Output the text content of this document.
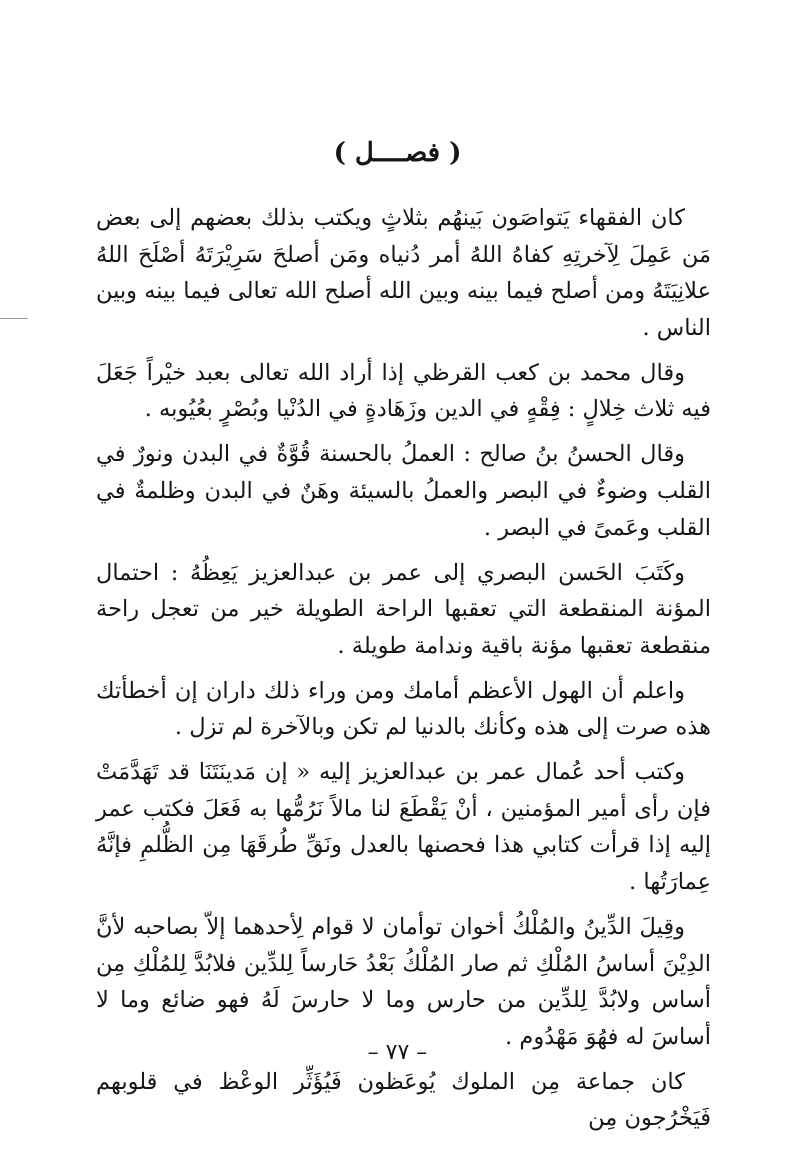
( فصــــل )

كان الفقهاء يَتواصَون بَينهُم بثلاثٍ ويكتب بذلك بعضهم إلى بعض مَن عَمِلَ لِآخرتِهِ كفاهُ اللهُ أمر دُنياه ومَن أصلحَ سَرِيْرَتَهُ أصْلَحَ اللهُ علانِيَتَهُ ومن أصلح فيما بينه وبين الله أصلح الله تعالى فيما بينه وبين الناس .

وقال محمد بن كعب القرظي إذا أراد الله تعالى بعبد خيْراً جَعَلَ فيه ثلاث خِلالٍ : فِقْهٍ في الدين وزَهَادةٍ في الدُنْيا وبُصْرٍ بعُيُوبه .

وقال الحسنُ بنُ صالح : العملُ بالحسنة قُوَّةٌ في البدن ونورٌ في القلب وضوءٌ في البصر والعملُ بالسيئة وهَنٌ في البدن وظلمةٌ في القلب وعَمىً في البصر .

وكَتَبَ الحَسن البصري إلى عمر بن عبدالعزيز يَعِظُهُ : احتمال المؤنة المنقطعة التي تعقبها الراحة الطويلة خير من تعجل راحة منقطعة تعقبها مؤنة باقية وندامة طويلة .

واعلم أن الهول الأعظم أمامك ومن وراء ذلك داران إن أخطأتك هذه صرت إلى هذه وكأنك بالدنيا لم تكن وبالآخرة لم تزل .

وكتب أحد عُمال عمر بن عبدالعزيز إليه « إن مَدينَتَنَا قد تَهَدَّمَتْ فإن رأى أمير المؤمنين ، أنْ يَقْطَعَ لنا مالاً نَرُمُّها به فَعَلَ فكتب عمر إليه إذا قرأت كتابي هذا فحصنها بالعدل ونَقِّ طُرقَهَا مِن الظُّلمِ فإنَّهُ عِمارَتُها .

وقِيلَ الدِّينُ والمُلْكُ أخوان توأمان لا قوام لِأحدهما إلاّ بصاحبه لأنَّ الدِيْنَ أساسُ المُلْكِ ثم صار المُلْكُ بَعْدُ حَارساً لِلدِّين فلابُدَّ لِلمُلْكِ مِن أساس ولابُدَّ لِلدِّين من حارس وما لا حارسَ لَهُ فهو ضائع وما لا أساسَ له فهُوَ مَهْدُوم .

كان جماعة مِن الملوك يُوعَظون فَيُؤَثِّر الوعْظ في قلوبهم فَيَخْرُجون مِن

– ٧٧ –
